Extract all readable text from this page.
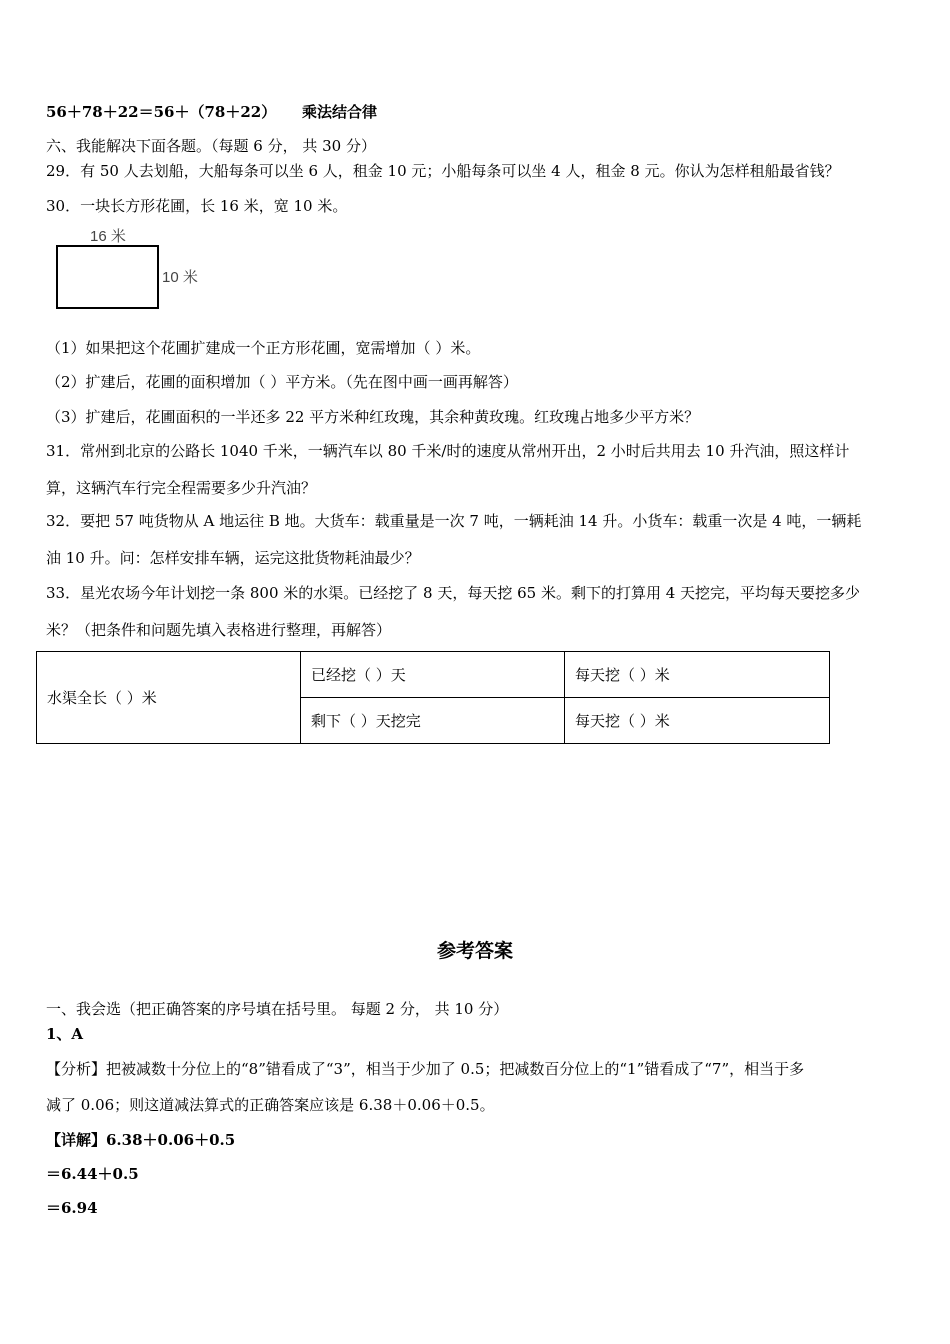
56＋78＋22＝56＋（78＋22） 乘法结合律
六、我能解决下面各题。（每题 6 分， 共 30 分）
29．有 50 人去划船，大船每条可以坐 6 人，租金 10 元；小船每条可以坐 4 人，租金 8 元。你认为怎样租船最省钱？
30．一块长方形花圃，长 16 米，宽 10 米。
16 米
10 米
（1）如果把这个花圃扩建成一个正方形花圃，宽需增加（ ）米。
（2）扩建后，花圃的面积增加（ ）平方米。（先在图中画一画再解答）
（3）扩建后，花圃面积的一半还多 22 平方米种红玫瑰，其余种黄玫瑰。红玫瑰占地多少平方米？
31．常州到北京的公路长 1040 千米，一辆汽车以 80 千米/时的速度从常州开出，2 小时后共用去 10 升汽油，照这样计
算，这辆汽车行完全程需要多少升汽油？
32．要把 57 吨货物从 A 地运往 B 地。大货车：载重量是一次 7 吨，一辆耗油 14 升。小货车：载重一次是 4 吨，一辆耗
油 10 升。问：怎样安排车辆，运完这批货物耗油最少？
33．星光农场今年计划挖一条 800 米的水渠。已经挖了 8 天，每天挖 65 米。剩下的打算用 4 天挖完，平均每天要挖多少
米？（把条件和问题先填入表格进行整理，再解答）
水渠全长（ ）米	已经挖（ ）天	每天挖（ ）米
	剩下（ ）天挖完	每天挖（ ）米
参考答案
一、我会选（把正确答案的序号填在括号里。 每题 2 分， 共 10 分）
1、A
【分析】把被减数十分位上的“8”错看成了“3”，相当于少加了 0.5；把减数百分位上的“1”错看成了“7”，相当于多
减了 0.06；则这道减法算式的正确答案应该是 6.38＋0.06＋0.5。
【详解】6.38＋0.06＋0.5
＝6.44＋0.5
＝6.94
